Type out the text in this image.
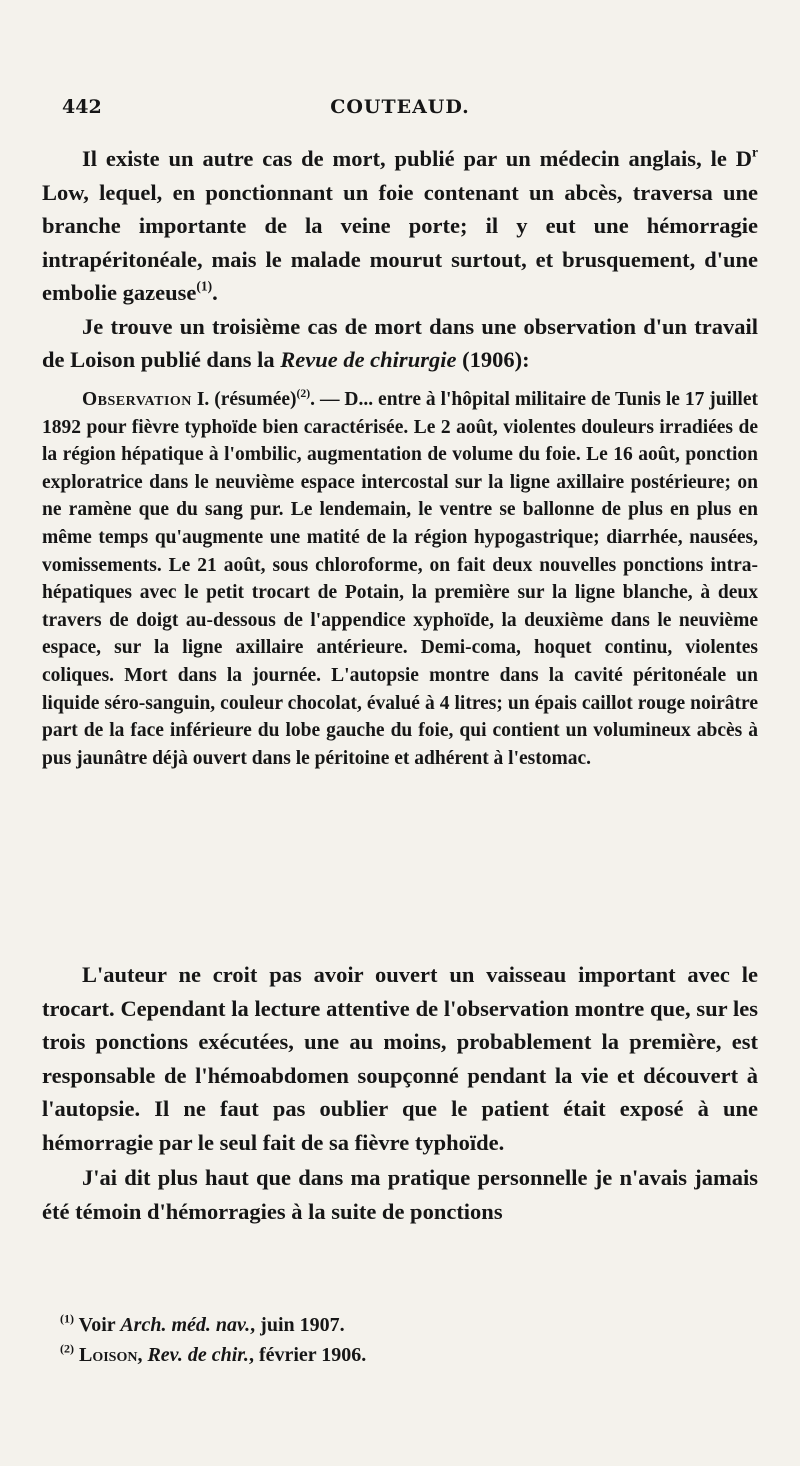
442	COUTEAUD.

Il existe un autre cas de mort, publié par un médecin anglais, le $D^r$ Low, lequel, en ponctionnant un foie contenant un abcès, traversa une branche importante de la veine porte; il y eut une hémorragie intrapéritonéale, mais le malade mourut surtout, et brusquement, d'une embolie gazeuse$^{(1)}$.

Je trouve un troisième cas de mort dans une observation d'un travail de Loison publié dans la Revue de chirurgie (1906):

Observation I. (résumée)$^{(2)}$. — D... entre à l'hôpital militaire de Tunis le 17 juillet 1892 pour fièvre typhoïde bien caractérisée. Le 2 août, violentes douleurs irradiées de la région hépatique à l'ombilic, augmentation de volume du foie. Le 16 août, ponction exploratrice dans le neuvième espace intercostal sur la ligne axillaire postérieure; on ne ramène que du sang pur. Le lendemain, le ventre se ballonne de plus en plus en même temps qu'augmente une matité de la région hypogastrique; diarrhée, nausées, vomissements. Le 21 août, sous chloroforme, on fait deux nouvelles ponctions intra-hépatiques avec le petit trocart de Potain, la première sur la ligne blanche, à deux travers de doigt au-dessous de l'appendice xyphoïde, la deuxième dans le neuvième espace, sur la ligne axillaire antérieure. Demi-coma, hoquet continu, violentes coliques. Mort dans la journée. L'autopsie montre dans la cavité péritonéale un liquide séro-sanguin, couleur chocolat, évalué à 4 litres; un épais caillot rouge noirâtre part de la face inférieure du lobe gauche du foie, qui contient un volumineux abcès à pus jaunâtre déjà ouvert dans le péritoine et adhérent à l'estomac.

L'auteur ne croit pas avoir ouvert un vaisseau important avec le trocart. Cependant la lecture attentive de l'observation montre que, sur les trois ponctions exécutées, une au moins, probablement la première, est responsable de l'hémoabdomen soupçonné pendant la vie et découvert à l'autopsie. Il ne faut pas oublier que le patient était exposé à une hémorragie par le seul fait de sa fièvre typhoïde.

J'ai dit plus haut que dans ma pratique personnelle je n'avais jamais été témoin d'hémorragies à la suite de ponctions

$^{(1)}$ Voir Arch. méd. nav., juin 1907.
$^{(2)}$ Loison, Rev. de chir., février 1906.
